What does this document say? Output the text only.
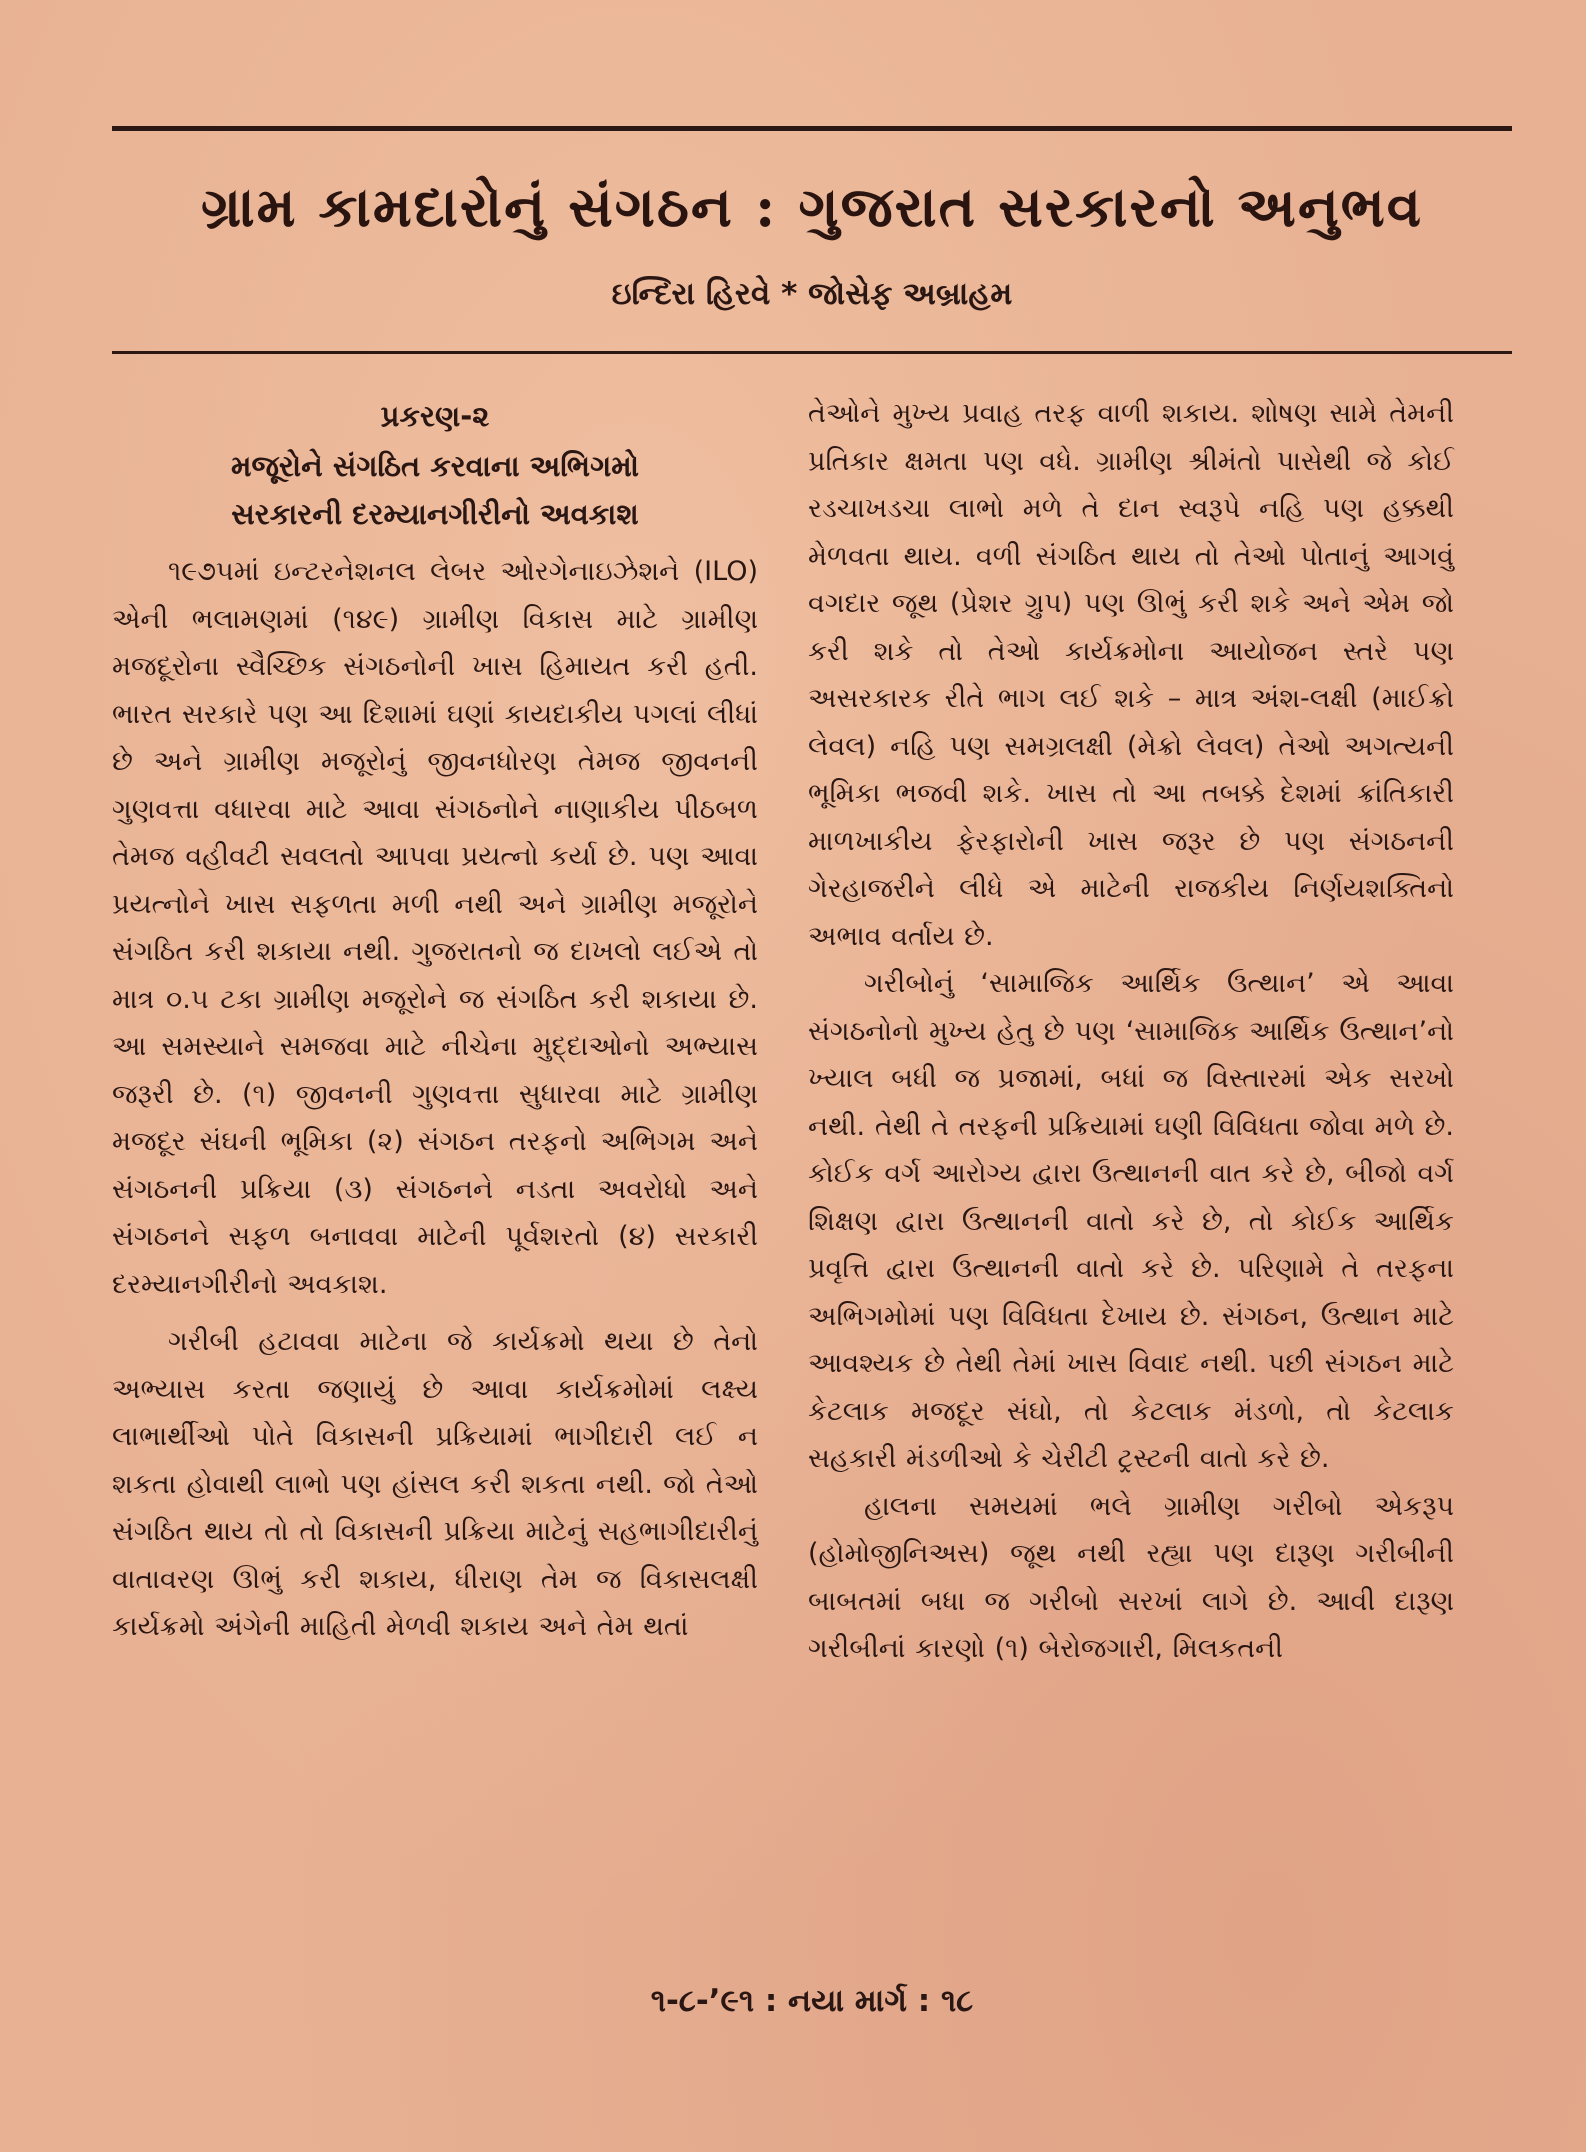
ગ્રામ કામદારોનું સંગઠન : ગુજરાત સરકારનો અનુભવ
ઇન્દિરા હિરવે * જોસેફ અબ્રાહમ
પ્રકરણ-૨
મજૂરોને સંગઠિત કરવાના અભિગમો
સરકારની દરમ્યાનગીરીનો અવકાશ

૧૯૭૫માં ઇન્ટરનેશનલ લેબર ઓરગેનાઇઝેશને (ILO) એની ભલામણમાં (૧૪૯) ગ્રામીણ વિકાસ માટે ગ્રામીણ મજદૂરોના સ્વૈચ્છિક સંગઠનોની ખાસ હિમાયત કરી હતી. ભારત સરકારે પણ આ દિશામાં ઘણાં કાયદાકીય પગલાં લીધાં છે અને ગ્રામીણ મજૂરોનું જીવનધોરણ તેમજ જીવનની ગુણવત્તા વધારવા માટે આવા સંગઠનોને નાણાકીય પીઠબળ તેમજ વહીવટી સવલતો આપવા પ્રયત્નો કર્યા છે. પણ આવા પ્રયત્નોને ખાસ સફળતા મળી નથી અને ગ્રામીણ મજૂરોને સંગઠિત કરી શકાયા નથી. ગુજરાતનો જ દાખલો લઈએ તો માત્ર ૦.૫ ટકા ગ્રામીણ મજૂરોને જ સંગઠિત કરી શકાયા છે. આ સમસ્યાને સમજવા માટે નીચેના મુદ્દાઓનો અભ્યાસ જરૂરી છે. (૧) જીવનની ગુણવત્તા સુધારવા માટે ગ્રામીણ મજદૂર સંઘની ભૂમિકા (૨) સંગઠન તરફનો અભિગમ અને સંગઠનની પ્રક્રિયા (૩) સંગઠનને નડતા અવરોધો અને સંગઠનને સફળ બનાવવા માટેની પૂર્વશરતો (૪) સરકારી દરમ્યાનગીરીનો અવકાશ.

ગરીબી હટાવવા માટેના જે કાર્યક્રમો થયા છે તેનો અભ્યાસ કરતા જણાયું છે આવા કાર્યક્રમોમાં લક્ષ્ય લાભાર્થીઓ પોતે વિકાસની પ્રક્રિયામાં ભાગીદારી લઈ ન શકતા હોવાથી લાભો પણ હાંસલ કરી શકતા નથી. જો તેઓ સંગઠિત થાય તો તો વિકાસની પ્રક્રિયા માટેનું સહભાગીદારીનું વાતાવરણ ઊભું કરી શકાય, ધીરાણ તેમ જ વિકાસલક્ષી કાર્યક્રમો અંગેની માહિતી મેળવી શકાય અને તેમ થતાં

તેઓને મુખ્ય પ્રવાહ તરફ વાળી શકાય. શોષણ સામે તેમની પ્રતિકાર ક્ષમતા પણ વધે. ગ્રામીણ શ્રીમંતો પાસેથી જે કોઈ રડચાખડચા લાભો મળે તે દાન સ્વરૂપે નહિ પણ હક્કથી મેળવતા થાય. વળી સંગઠિત થાય તો તેઓ પોતાનું આગવું વગદાર જૂથ (પ્રેશર ગ્રુપ) પણ ઊભું કરી શકે અને એમ જો કરી શકે તો તેઓ કાર્યક્રમોના આયોજન સ્તરે પણ અસરકારક રીતે ભાગ લઈ શકે – માત્ર અંશ-લક્ષી (માઈક્રો લેવલ) નહિ પણ સમગ્રલક્ષી (મેક્રો લેવલ) તેઓ અગત્યની ભૂમિકા ભજવી શકે. ખાસ તો આ તબક્કે દેશમાં ક્રાંતિકારી માળખાકીય ફેરફારોની ખાસ જરૂર છે પણ સંગઠનની ગેરહાજરીને લીધે એ માટેની રાજકીય નિર્ણયશક્તિનો અભાવ વર્તાય છે.

ગરીબોનું ‘સામાજિક આર્થિક ઉત્થાન’ એ આવા સંગઠનોનો મુખ્ય હેતુ છે પણ ‘સામાજિક આર્થિક ઉત્થાન’નો ખ્યાલ બધી જ પ્રજામાં, બધાં જ વિસ્તારમાં એક સરખો નથી. તેથી તે તરફની પ્રક્રિયામાં ઘણી વિવિધતા જોવા મળે છે. કોઈક વર્ગ આરોગ્ય દ્વારા ઉત્થાનની વાત કરે છે, બીજો વર્ગ શિક્ષણ દ્વારા ઉત્થાનની વાતો કરે છે, તો કોઈક આર્થિક પ્રવૃત્તિ દ્વારા ઉત્થાનની વાતો કરે છે. પરિણામે તે તરફના અભિગમોમાં પણ વિવિધતા દેખાય છે. સંગઠન, ઉત્થાન માટે આવશ્યક છે તેથી તેમાં ખાસ વિવાદ નથી. પછી સંગઠન માટે કેટલાક મજદૂર સંઘો, તો કેટલાક મંડળો, તો કેટલાક સહકારી મંડળીઓ કે ચેરીટી ટ્રસ્ટની વાતો કરે છે.

હાલના સમયમાં ભલે ગ્રામીણ ગરીબો એકરૂપ (હોમોજીનિઅસ) જૂથ નથી રહ્યા પણ દારૂણ ગરીબીની બાબતમાં બધા જ ગરીબો સરખાં લાગે છે. આવી દારૂણ ગરીબીનાં કારણો (૧) બેરોજગારી, મિલકતની

૧-૮-’૯૧ : નયા માર્ગ : ૧૮
